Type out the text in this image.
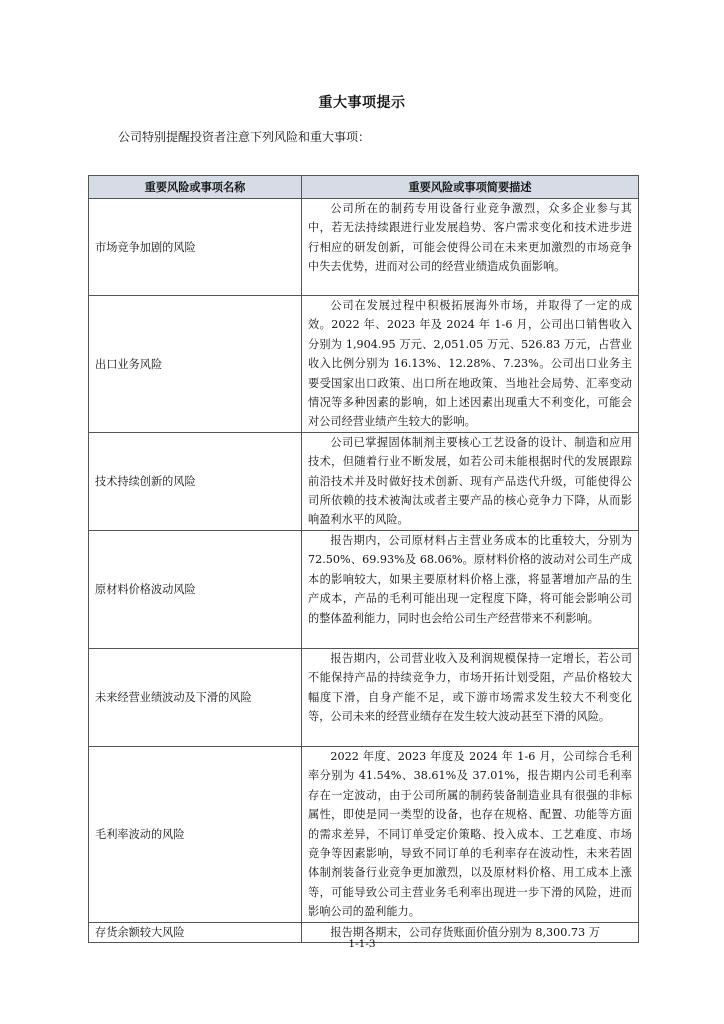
重大事项提示
公司特别提醒投资者注意下列风险和重大事项：
重要风险或事项名称	重要风险或事项简要描述
市场竞争加剧的风险	公司所在的制药专用设备行业竞争激烈，众多企业参与其中，若无法持续跟进行业发展趋势、客户需求变化和技术进步进行相应的研发创新，可能会使得公司在未来更加激烈的市场竞争中失去优势，进而对公司的经营业绩造成负面影响。
出口业务风险	公司在发展过程中积极拓展海外市场，并取得了一定的成效。2022 年、2023 年及 2024 年 1-6 月，公司出口销售收入分别为 1,904.95 万元、2,051.05 万元、526.83 万元，占营业收入比例分别为 16.13%、12.28%、7.23%。公司出口业务主要受国家出口政策、出口所在地政策、当地社会局势、汇率变动情况等多种因素的影响，如上述因素出现重大不利变化，可能会对公司经营业绩产生较大的影响。
技术持续创新的风险	公司已掌握固体制剂主要核心工艺设备的设计、制造和应用技术，但随着行业不断发展，如若公司未能根据时代的发展跟踪前沿技术并及时做好技术创新、现有产品迭代升级，可能使得公司所依赖的技术被淘汰或者主要产品的核心竞争力下降，从而影响盈利水平的风险。
原材料价格波动风险	报告期内，公司原材料占主营业务成本的比重较大，分别为 72.50%、69.93%及 68.06%。原材料价格的波动对公司生产成本的影响较大，如果主要原材料价格上涨，将显著增加产品的生产成本，产品的毛利可能出现一定程度下降，将可能会影响公司的整体盈利能力，同时也会给公司生产经营带来不利影响。
未来经营业绩波动及下滑的风险	报告期内，公司营业收入及利润规模保持一定增长，若公司不能保持产品的持续竞争力，市场开拓计划受阻，产品价格较大幅度下滑，自身产能不足，或下游市场需求发生较大不利变化等，公司未来的经营业绩存在发生较大波动甚至下滑的风险。
毛利率波动的风险	2022 年度、2023 年度及 2024 年 1-6 月，公司综合毛利率分别为 41.54%、38.61%及 37.01%，报告期内公司毛利率存在一定波动，由于公司所属的制药装备制造业具有很强的非标属性，即使是同一类型的设备，也存在规格、配置、功能等方面的需求差异，不同订单受定价策略、投入成本、工艺难度、市场竞争等因素影响，导致不同订单的毛利率存在波动性，未来若固体制剂装备行业竞争更加激烈，以及原材料价格、用工成本上涨等，可能导致公司主营业务毛利率出现进一步下滑的风险，进而影响公司的盈利能力。
存货余额较大风险	报告期各期末，公司存货账面价值分别为 8,300.73 万
1-1-3
